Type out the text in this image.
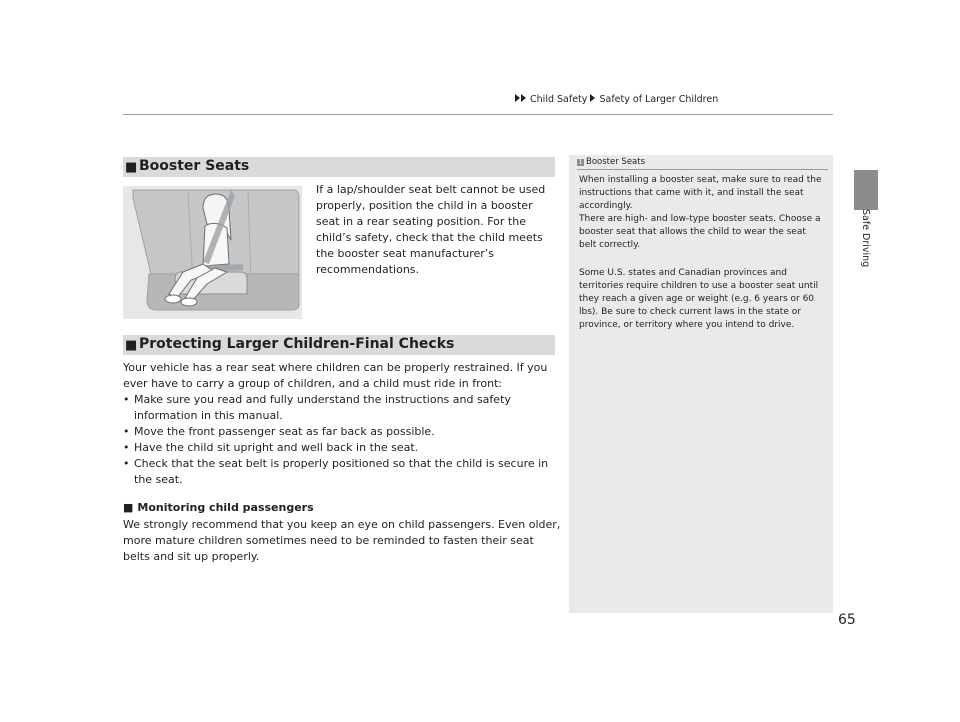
Child Safety Safety of Larger Children
Safe Driving
■ Booster Seats
If a lap/shoulder seat belt cannot be used properly, position the child in a booster seat in a rear seating position. For the child’s safety, check that the child meets the booster seat manufacturer’s recommendations.
■ Protecting Larger Children-Final Checks
Your vehicle has a rear seat where children can be properly restrained. If you ever have to carry a group of children, and a child must ride in front:
• Make sure you read and fully understand the instructions and safety information in this manual.
• Move the front passenger seat as far back as possible.
• Have the child sit upright and well back in the seat.
• Check that the seat belt is properly positioned so that the child is secure in the seat.
■ Monitoring child passengers
We strongly recommend that you keep an eye on child passengers. Even older, more mature children sometimes need to be reminded to fasten their seat belts and sit up properly.
1 Booster Seats
When installing a booster seat, make sure to read the instructions that came with it, and install the seat accordingly.
There are high- and low-type booster seats. Choose a booster seat that allows the child to wear the seat belt correctly.
Some U.S. states and Canadian provinces and territories require children to use a booster seat until they reach a given age or weight (e.g. 6 years or 60 lbs). Be sure to check current laws in the state or province, or territory where you intend to drive.
65
